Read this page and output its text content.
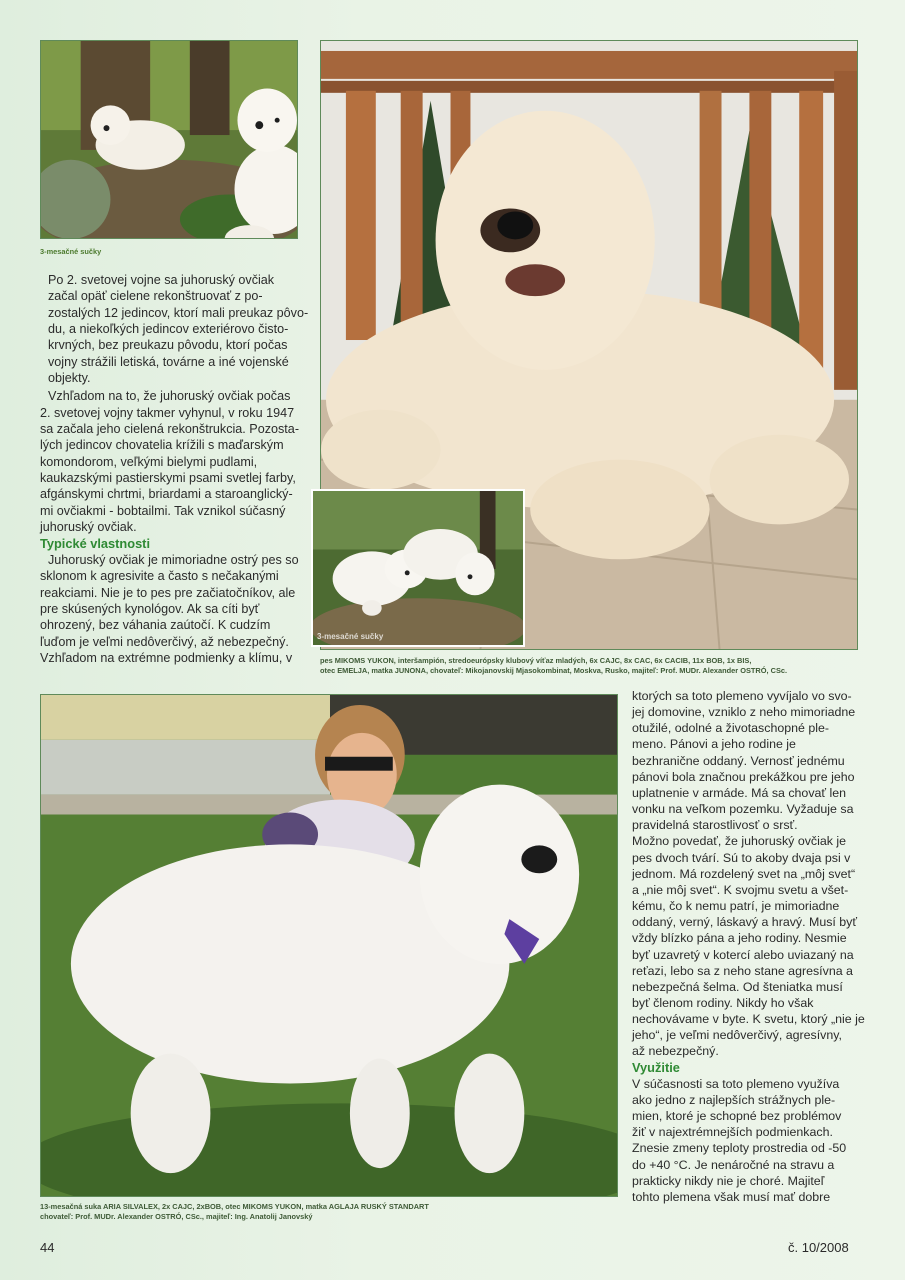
3-mesačné sučky
3-mesačné sučky
pes MIKOMS YUKON, interšampión, stredoeurópsky klubový víťaz mladých, 6x CAJC, 8x CAC, 6x CACIB, 11x BOB, 1x BIS,
otec EMELJA, matka JUNONA, chovateľ: Mikojanovskij Mjasokombinat, Moskva, Rusko, majiteľ: Prof. MUDr. Alexander OSTRÓ, CSc.

Po 2. svetovej vojne sa juhoruský ovčiak
začal opäť cielene rekonštruovať z po-
zostalých 12 jedincov, ktorí mali preukaz pôvo-
du, a niekoľkých jedincov exteriérovo čisto-
krvných, bez preukazu pôvodu, ktorí počas
vojny strážili letiská, továrne a iné vojenské
objekty.

Vzhľadom na to, že juhoruský ovčiak počas
2. svetovej vojny takmer vyhynul, v roku 1947
sa začala jeho cielená rekonštrukcia. Pozosta-
lých jedincov chovatelia krížili s maďarským
komondorom, veľkými bielymi pudlami,
kaukazskými pastierskymi psami svetlej farby,
afgánskymi chrtmi, briardami a staroanglický-
mi ovčiakmi - bobtailmi. Tak vznikol súčasný
juhoruský ovčiak.

Typické vlastnosti

Juhoruský ovčiak je mimoriadne ostrý pes so
sklonom k agresivite a často s nečakanými
reakciami. Nie je to pes pre začiatočníkov, ale
pre skúsených kynológov. Ak sa cíti byť
ohrozený, bez váhania zaútočí. K cudzím
ľuďom je veľmi nedôverčivý, až nebezpečný.
Vzhľadom na extrémne podmienky a klímu, v

13-mesačná suka ARIA SILVALEX, 2x CAJC, 2xBOB, otec MIKOMS YUKON, matka AGLAJA RUSKÝ STANDART
chovateľ: Prof. MUDr. Alexander OSTRÓ, CSc., majiteľ: Ing. Anatolij Janovský

ktorých sa toto plemeno vyvíjalo vo svo-
jej domovine, vzniklo z neho mimoriadne
otužilé, odolné a životaschopné ple-
meno. Pánovi a jeho rodine je
bezhranične oddaný. Vernosť jednému
pánovi bola značnou prekážkou pre jeho
uplatnenie v armáde. Má sa chovať len
vonku na veľkom pozemku. Vyžaduje sa
pravidelná starostlivosť o srsť.

Možno povedať, že juhoruský ovčiak je
pes dvoch tvárí. Sú to akoby dvaja psi v
jednom. Má rozdelený svet na „môj svet“
a „nie môj svet“. K svojmu svetu a všet-
kému, čo k nemu patrí, je mimoriadne
oddaný, verný, láskavý a hravý. Musí byť
vždy blízko pána a jeho rodiny. Nesmie
byť uzavretý v kotercí alebo uviazaný na
reťazi, lebo sa z neho stane agresívna a
nebezpečná šelma. Od šteniatka musí
byť členom rodiny. Nikdy ho však
nechovávame v byte. K svetu, ktorý „nie je
jeho“, je veľmi nedôverčivý, agresívny,
až nebezpečný.

Využitie

V súčasnosti sa toto plemeno využíva
ako jedno z najlepších strážnych ple-
mien, ktoré je schopné bez problémov
žiť v najextrémnejších podmienkach.
Znesie zmeny teploty prostredia od -50
do +40 °C. Je nenáročné na stravu a
prakticky nikdy nie je choré. Majiteľ
tohto plemena však musí mať dobre

44	č. 10/2008
